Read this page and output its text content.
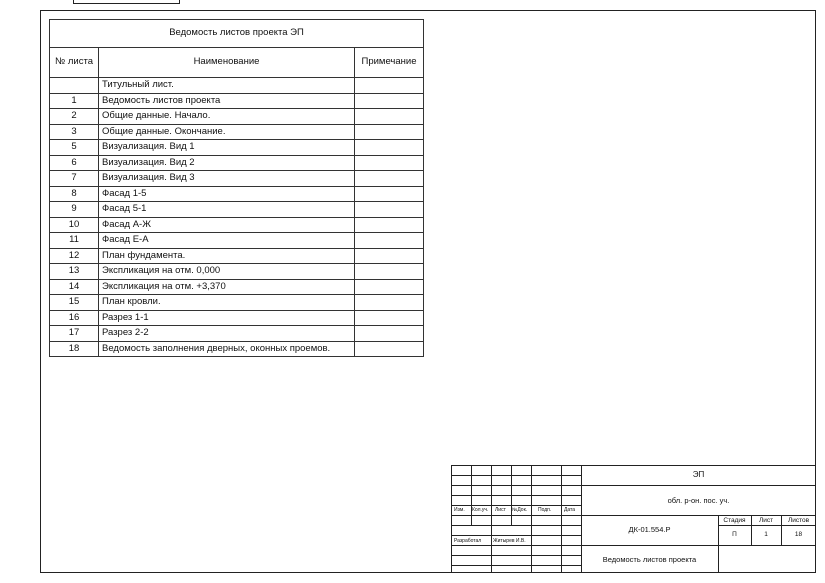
Ведомость листов проекта ЭП		
№ листа	Наименование	Примечание
	Титульный лист.	
1	Ведомость листов проекта	
2	Общие данные. Начало.	
3	Общие данные. Окончание.	
5	Визуализация. Вид 1	
6	Визуализация. Вид 2	
7	Визуализация. Вид 3	
8	Фасад 1-5	
9	Фасад 5-1	
10	Фасад А-Ж	
11	Фасад Е-А	
12	План фундамента.	
13	Экспликация на отм. 0,000	
14	Экспликация на отм. +3,370	
15	План кровли.	
16	Разрез 1-1	
17	Разрез 2-2	
18	Ведомость заполнения дверных, оконных проемов.	
Изм. Кол.уч. Лист №Док. Подп.	Дата
Разработал Житырев И.В.
ЭП
обл. р-он. пос. уч.
ДК-01.554.Р
Ведомость листов проекта
Стадия	Лист	Листов
П	1	18
